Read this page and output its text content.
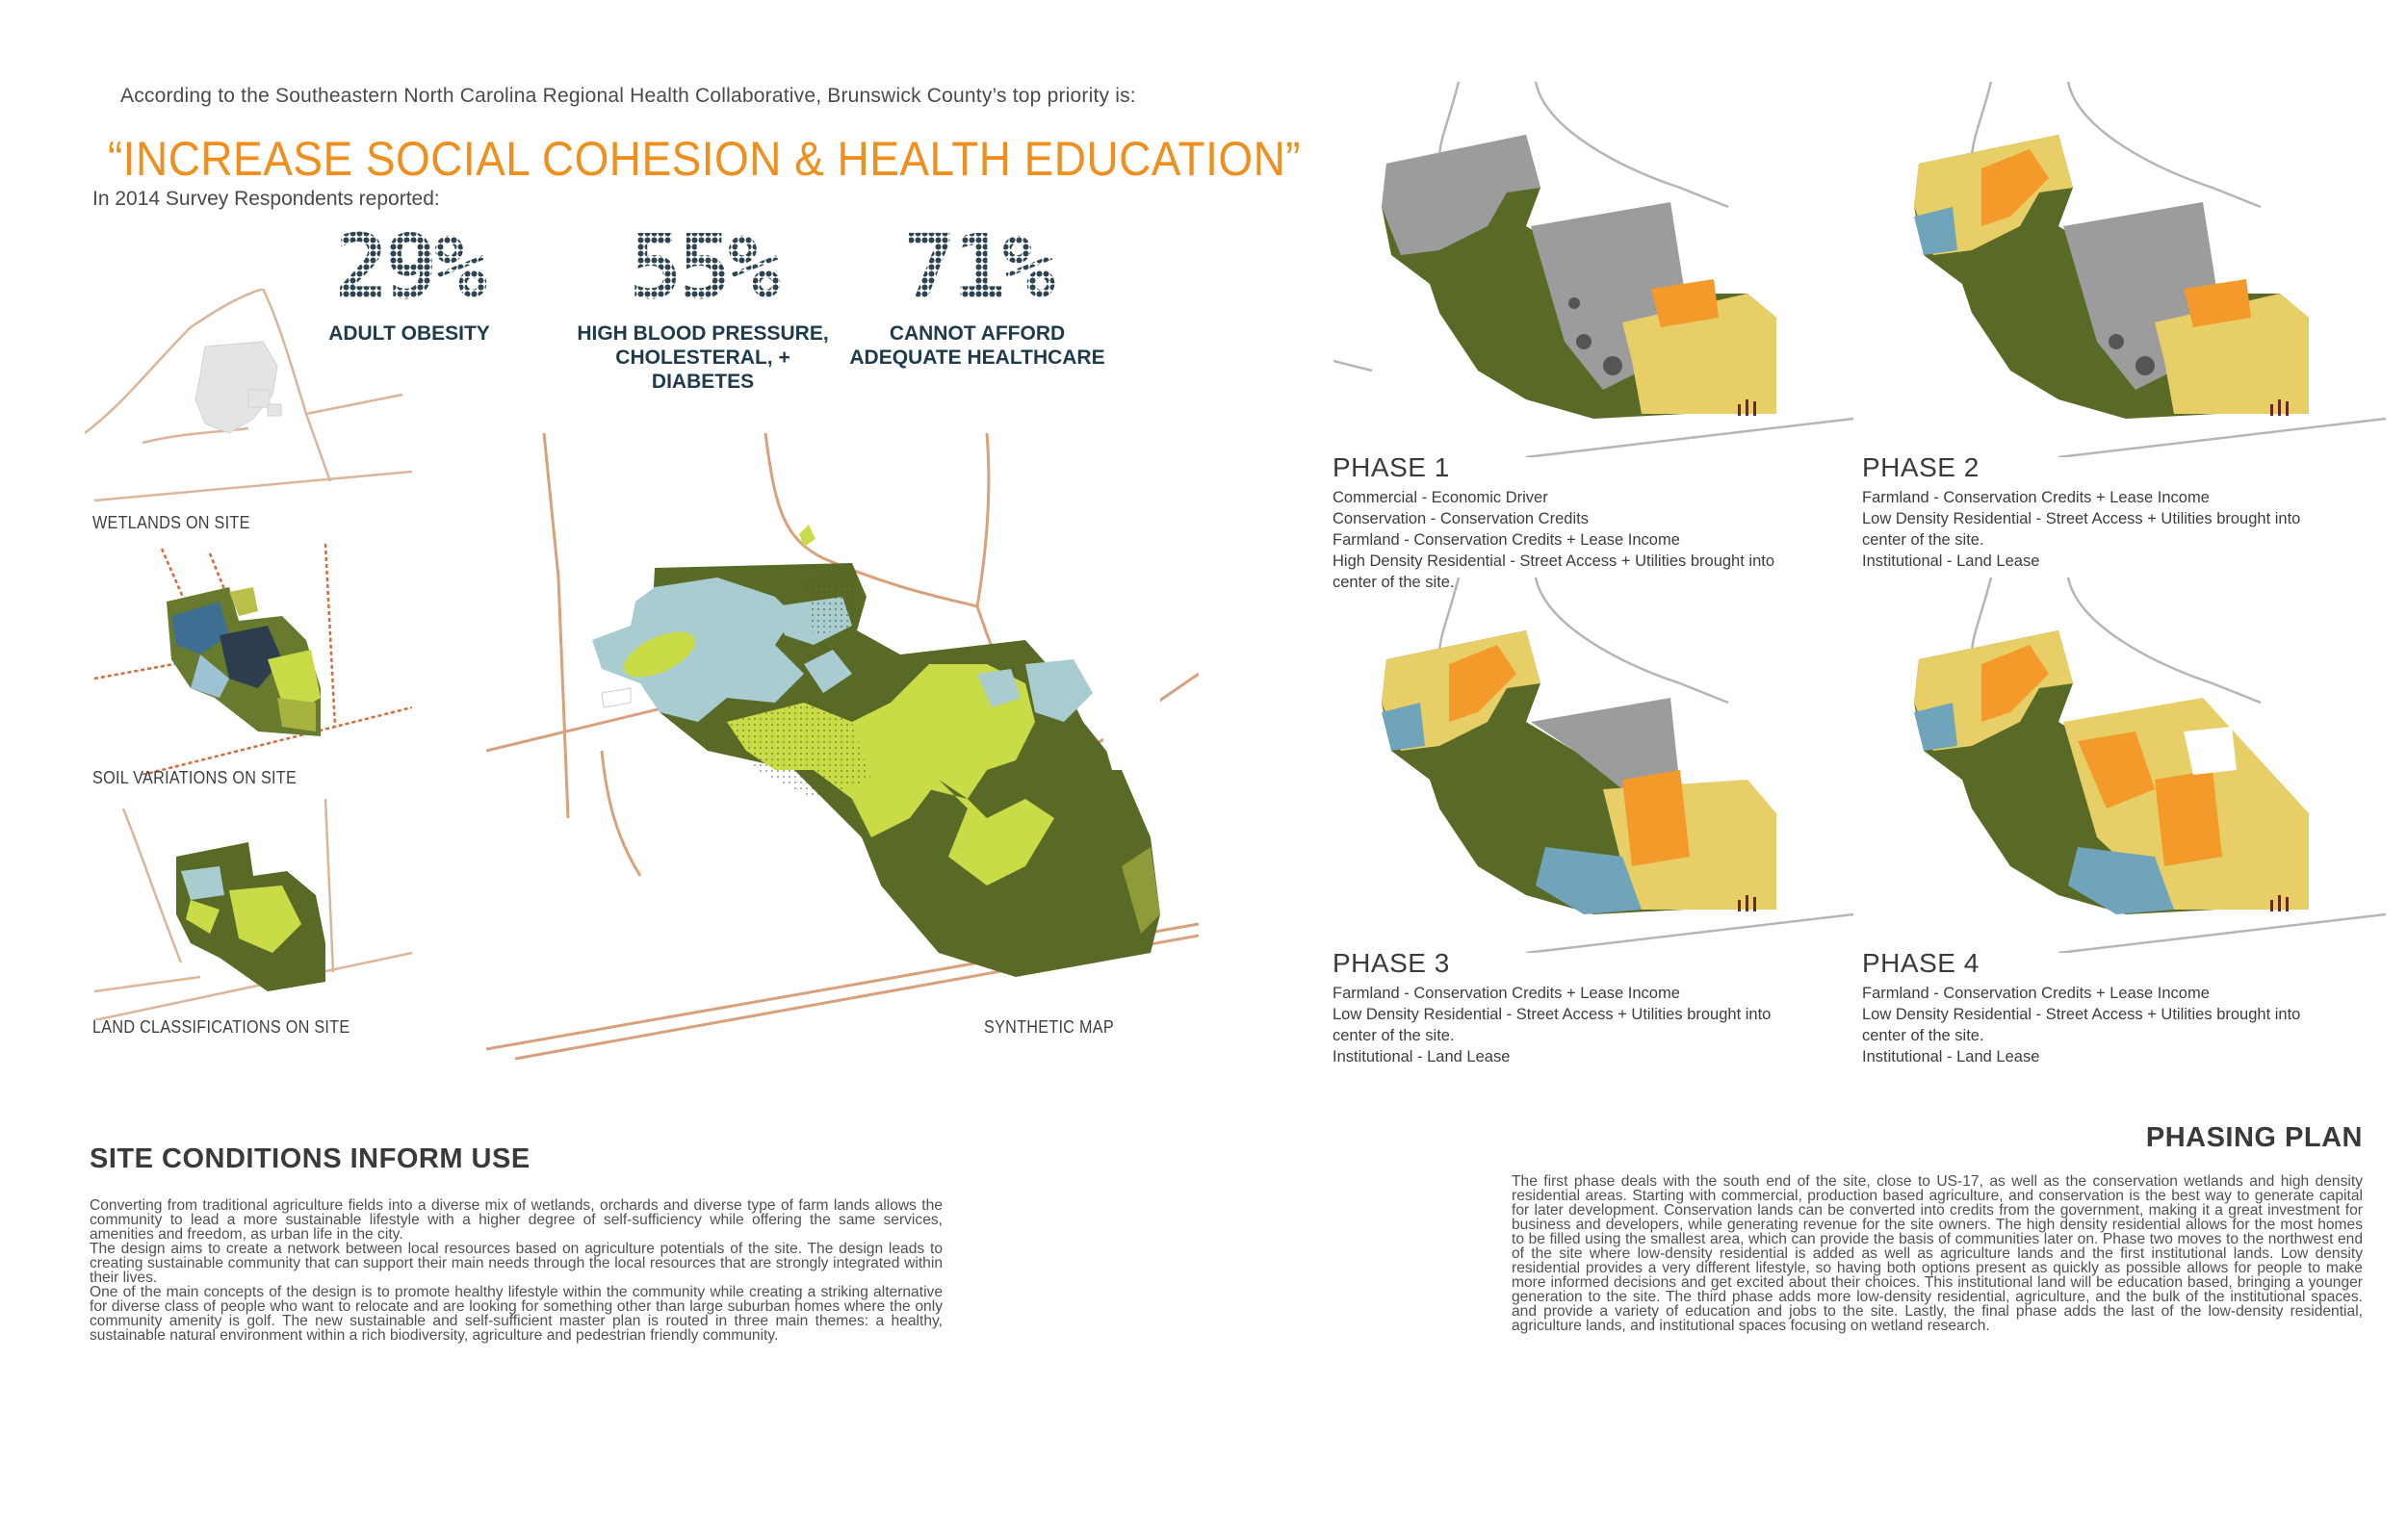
According to the Southeastern North Carolina Regional Health Collaborative, Brunswick County’s top priority is:
“INCREASE SOCIAL COHESION & HEALTH EDUCATION”
In 2014 Survey Respondents reported:
29%
ADULT OBESITY
55%
HIGH BLOOD PRESSURE, CHOLESTERAL, + DIABETES
71%
CANNOT AFFORD ADEQUATE HEALTHCARE
WETLANDS ON SITE
SOIL VARIATIONS ON SITE
LAND CLASSIFICATIONS ON SITE	SYNTHETIC MAP
PHASE 1
Commercial - Economic Driver
Conservation - Conservation Credits
Farmland - Conservation Credits + Lease Income
High Density Residential - Street Access + Utilities brought into
center of the site.
PHASE 2
Farmland - Conservation Credits + Lease Income
Low Density Residential - Street Access + Utilities brought into
center of the site.
Institutional - Land Lease
PHASE 3
Farmland - Conservation Credits + Lease Income
Low Density Residential - Street Access + Utilities brought into
center of the site.
Institutional - Land Lease
PHASE 4
Farmland - Conservation Credits + Lease Income
Low Density Residential - Street Access + Utilities brought into
center of the site.
Institutional - Land Lease
SITE CONDITIONS INFORM USE
Converting from traditional agriculture fields into a diverse mix of wetlands, orchards and diverse type of farm lands allows the community to lead a more sustainable lifestyle with a higher degree of self-sufficiency while offering the same services, amenities and freedom, as urban life in the city.
The design aims to create a network between local resources based on agriculture potentials of the site. The design leads to creating sustainable community that can support their main needs through the local resources that are strongly integrated within their lives.
One of the main concepts of the design is to promote healthy lifestyle within the community while creating a striking alternative for diverse class of people who want to relocate and are looking for something other than large suburban homes where the only community amenity is golf. The new sustainable and self-sufficient master plan is routed in three main themes: a healthy, sustainable natural environment within a rich biodiversity, agriculture and pedestrian friendly community.
PHASING PLAN
The first phase deals with the south end of the site, close to US-17, as well as the conservation wetlands and high density residential areas. Starting with commercial, production based agriculture, and conservation is the best way to generate capital for later development. Conservation lands can be converted into credits from the government, making it a great investment for business and developers, while generating revenue for the site owners. The high density residential allows for the most homes to be filled using the smallest area, which can provide the basis of communities later on. Phase two moves to the northwest end of the site where low-density residential is added as well as agriculture lands and the first institutional lands. Low density residential provides a very different lifestyle, so having both options present as quickly as possible allows for people to make more informed decisions and get excited about their choices. This institutional land will be education based, bringing a younger generation to the site. The third phase adds more low-density residential, agriculture, and the bulk of the institutional spaces. and provide a variety of education and jobs to the site. Lastly, the final phase adds the last of the low-density residential, agriculture lands, and institutional spaces focusing on wetland research.
